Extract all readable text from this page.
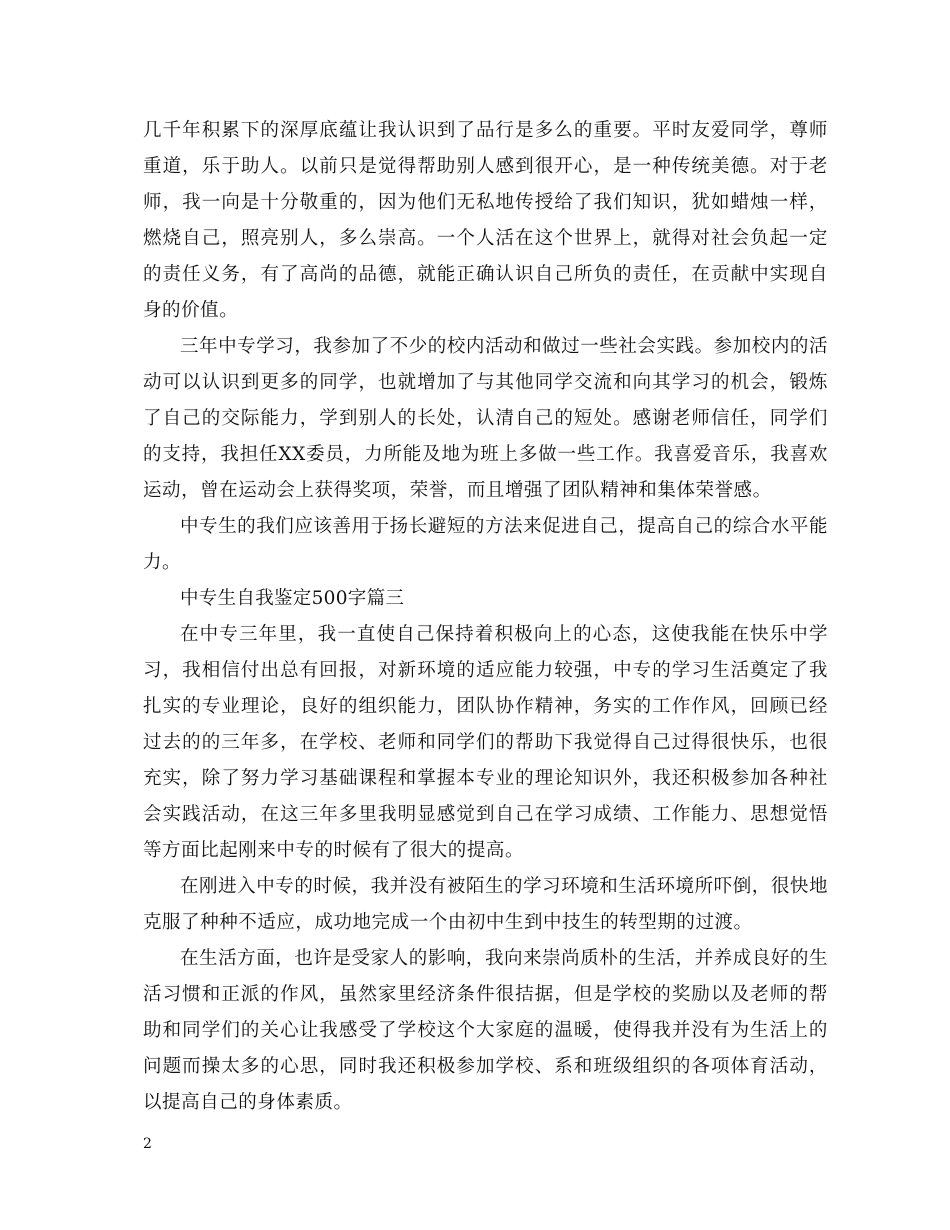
几千年积累下的深厚底蕴让我认识到了品行是多么的重要。平时友爱同学，尊师重道，乐于助人。以前只是觉得帮助别人感到很开心，是一种传统美德。对于老师，我一向是十分敬重的，因为他们无私地传授给了我们知识，犹如蜡烛一样，燃烧自己，照亮别人，多么崇高。一个人活在这个世界上，就得对社会负起一定的责任义务，有了高尚的品德，就能正确认识自己所负的责任，在贡献中实现自身的价值。

三年中专学习，我参加了不少的校内活动和做过一些社会实践。参加校内的活动可以认识到更多的同学，也就增加了与其他同学交流和向其学习的机会，锻炼了自己的交际能力，学到别人的长处，认清自己的短处。感谢老师信任，同学们的支持，我担任XX委员，力所能及地为班上多做一些工作。我喜爱音乐，我喜欢运动，曾在运动会上获得奖项，荣誉，而且增强了团队精神和集体荣誉感。

中专生的我们应该善用于扬长避短的方法来促进自己，提高自己的综合水平能力。

中专生自我鉴定500字篇三

在中专三年里，我一直使自己保持着积极向上的心态，这使我能在快乐中学习，我相信付出总有回报，对新环境的适应能力较强，中专的学习生活奠定了我扎实的专业理论，良好的组织能力，团队协作精神，务实的工作作风，回顾已经过去的的三年多，在学校、老师和同学们的帮助下我觉得自己过得很快乐，也很充实，除了努力学习基础课程和掌握本专业的理论知识外，我还积极参加各种社会实践活动，在这三年多里我明显感觉到自己在学习成绩、工作能力、思想觉悟等方面比起刚来中专的时候有了很大的提高。

在刚进入中专的时候，我并没有被陌生的学习环境和生活环境所吓倒，很快地克服了种种不适应，成功地完成一个由初中生到中技生的转型期的过渡。

在生活方面，也许是受家人的影响，我向来崇尚质朴的生活，并养成良好的生活习惯和正派的作风，虽然家里经济条件很拮据，但是学校的奖励以及老师的帮助和同学们的关心让我感受了学校这个大家庭的温暖，使得我并没有为生活上的问题而操太多的心思，同时我还积极参加学校、系和班级组织的各项体育活动，以提高自己的身体素质。

2
